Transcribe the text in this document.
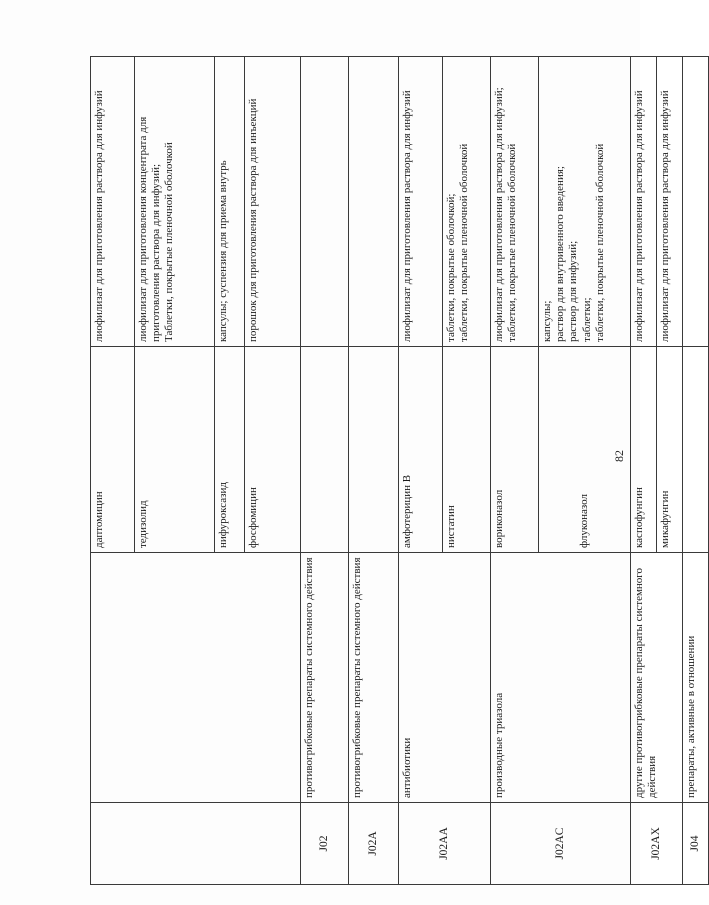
		даптомицин	лиофилизат для приготовления раствора для инфузий

		тедизолид	лиофилизат для приготовления концентрата для приготовления раствора для инфузий; Таблетки, покрытые пленочной оболочкой

		нифуроксазид	капсулы; суспензия для приема внутрь

		фосфомицин	порошок для приготовления раствора для инъекций

J02	противогрибковые препараты системного действия		
J02A	противогрибковые препараты системного действия		
J02AA	антибиотики	амфотерицин В	лиофилизат для приготовления раствора для инфузий

		нистатин	таблетки, покрытые оболочкой; таблетки, покрытые пленочной оболочкой

J02AC	производные триазола	вориконазол	лиофилизат для приготовления раствора для инфузий; таблетки, покрытые пленочной оболочкой

		флуконазол	капсулы; раствор для внутривенного введения; раствор для инфузий; таблетки; таблетки, покрытые пленочной оболочкой

J02AX	другие противогрибковые препараты системного действия	каспофунгин	лиофилизат для приготовления раствора для инфузий

		микафунгин	лиофилизат для приготовления раствора для инфузий

J04	препараты, активные в отношении		
82
